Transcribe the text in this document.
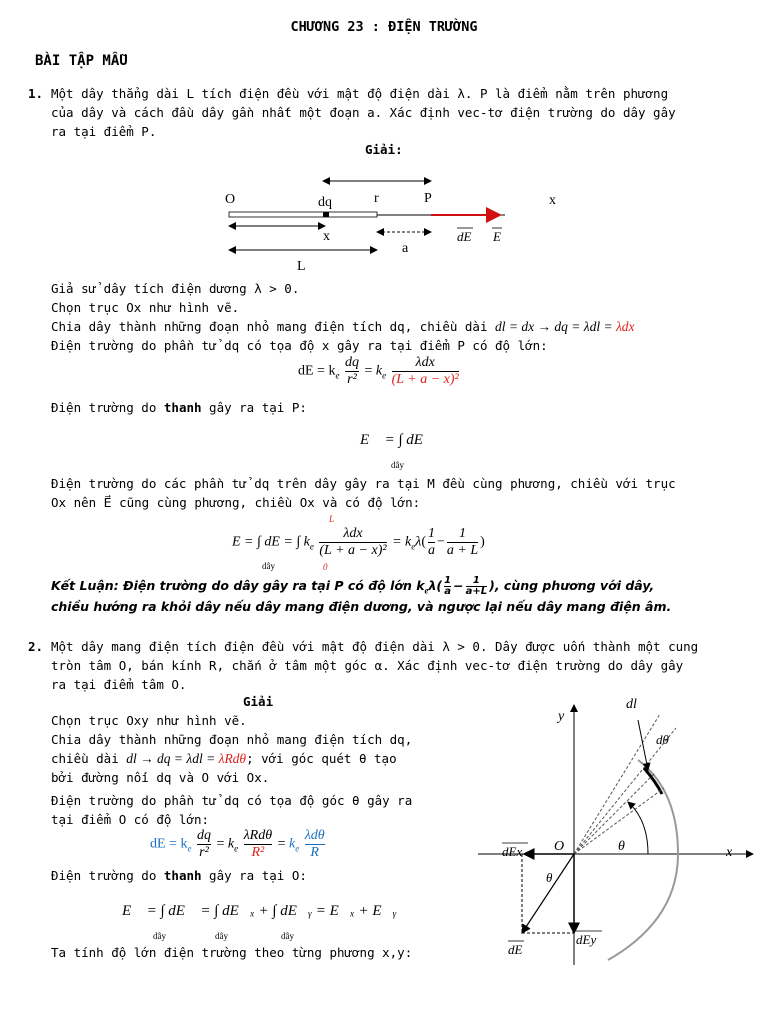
CHƯƠNG 23 : ĐIỆN TRƯỜNG
BÀI TẬP MẪU
1. Một dây thẳng dài L tích điện đều với mật độ điện dài λ. P là điểm nằm trên phương
của dây và cách đầu dây gần nhất một đoạn a. Xác định vec-tơ điện trường do dây gây
ra tại điểm P.
Giải:
O	dq	r	P	x
x
a
dE E
L
Giả sử dây tích điện dương λ > 0.
Chọn trục Ox như hình vẽ.
Chia dây thành những đoạn nhỏ mang điện tích dq, chiều dài dl = dx → dq = λdl = λdx
Điện trường do phần tử dq có tọa độ x gây ra tại điểm P có độ lớn:
dE = $k_e \frac{dq}{\text{r²}} = k_e \frac{\text{λdx}}{\text{(L + a − x)²}}$
Điện trường do thanh gây ra tại P:
E⃗ = ∫ dE⃗
dây
Điện trường do các phần tử dq trên dây gây ra tại M đều cùng phương, chiều với trục
Ox nên E⃗ cũng cùng phương, chiều Ox và có độ lớn:
E = ∫ dE = ∫ $k_e \frac{\text{λdx}}{\text{(L + a − x)²}} = k_e\lambda( \frac{1}{a} - \frac{1}{a + L}$ )
L
0
dây
Kết Luận: Điện trường do dây gây ra tại P có độ lớn $k_e\lambda( \frac{1}{a} - \frac{1}{a+L}$ ), cùng phương với dây,
chiều hướng ra khỏi dây nếu dây mang điện dương, và ngược lại nếu dây mang điện âm.
2. Một dây mang điện tích điện đều với mật độ điện dài λ > 0. Dây được uốn thành một cung
tròn tâm O, bán kính R, chắn ở tâm một góc α. Xác định vec-tơ điện trường do dây gây
ra tại điểm tâm O.
Giải
Chọn trục Oxy như hình vẽ.
Chia dây thành những đoạn nhỏ mang điện tích dq,
chiều dài dl → dq = λdl = λRdθ; với góc quét θ tạo
bởi đường nối dq và O với Ox.
Điện trường do phần tử dq có tọa độ góc θ gây ra
tại điểm O có độ lớn:
dE = $k_e \frac{dq}{\text{r²}} = k_e \frac{\text{λRdθ}}{\text{R²}} = k_e \frac{\text{λdθ}}{R}$
Điện trường do thanh gây ra tại O:
E⃗ = ∫ dE⃗ = ∫ dE⃗ₓ + ∫ dE⃗ᵧ = E⃗ₓ + E⃗ᵧ
dây	dây	dây
Ta tính độ lớn điện trường theo từng phương x,y:
y
x
O
dl
dθ
θ
θ
dEx
dEy
dE
